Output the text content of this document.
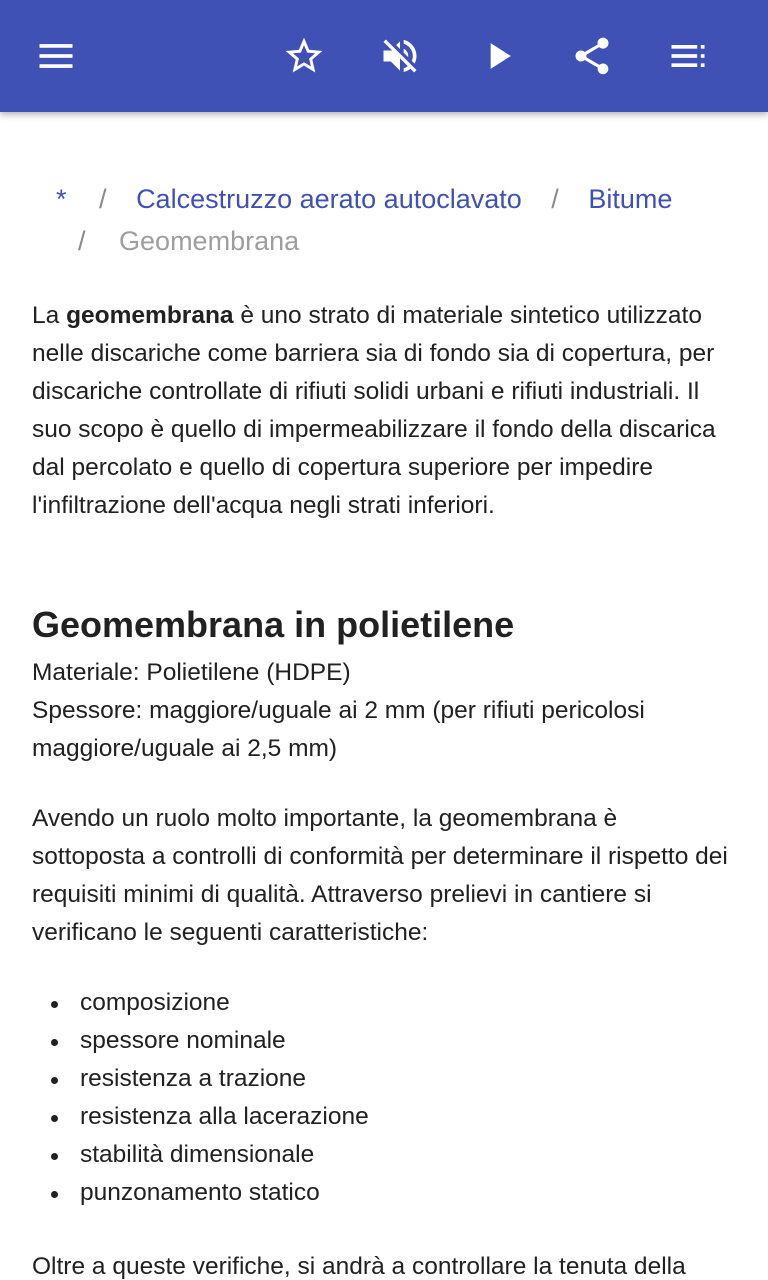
* / Calcestruzzo aerato autoclavato / Bitume
/ Geomembrana

La geomembrana è uno strato di materiale sintetico utilizzato nelle discariche come barriera sia di fondo sia di copertura, per discariche controllate di rifiuti solidi urbani e rifiuti industriali. Il suo scopo è quello di impermeabilizzare il fondo della discarica dal percolato e quello di copertura superiore per impedire l'infiltrazione dell'acqua negli strati inferiori.

Geomembrana in polietilene

Materiale: Polietilene (HDPE)

Spessore: maggiore/uguale ai 2 mm (per rifiuti pericolosi maggiore/uguale ai 2,5 mm)

Avendo un ruolo molto importante, la geomembrana è sottoposta a controlli di conformità per determinare il rispetto dei requisiti minimi di qualità. Attraverso prelievi in cantiere si verificano le seguenti caratteristiche:

composizione
spessore nominale
resistenza a trazione
resistenza alla lacerazione
stabilità dimensionale
punzonamento statico

Oltre a queste verifiche, si andrà a controllare la tenuta della
